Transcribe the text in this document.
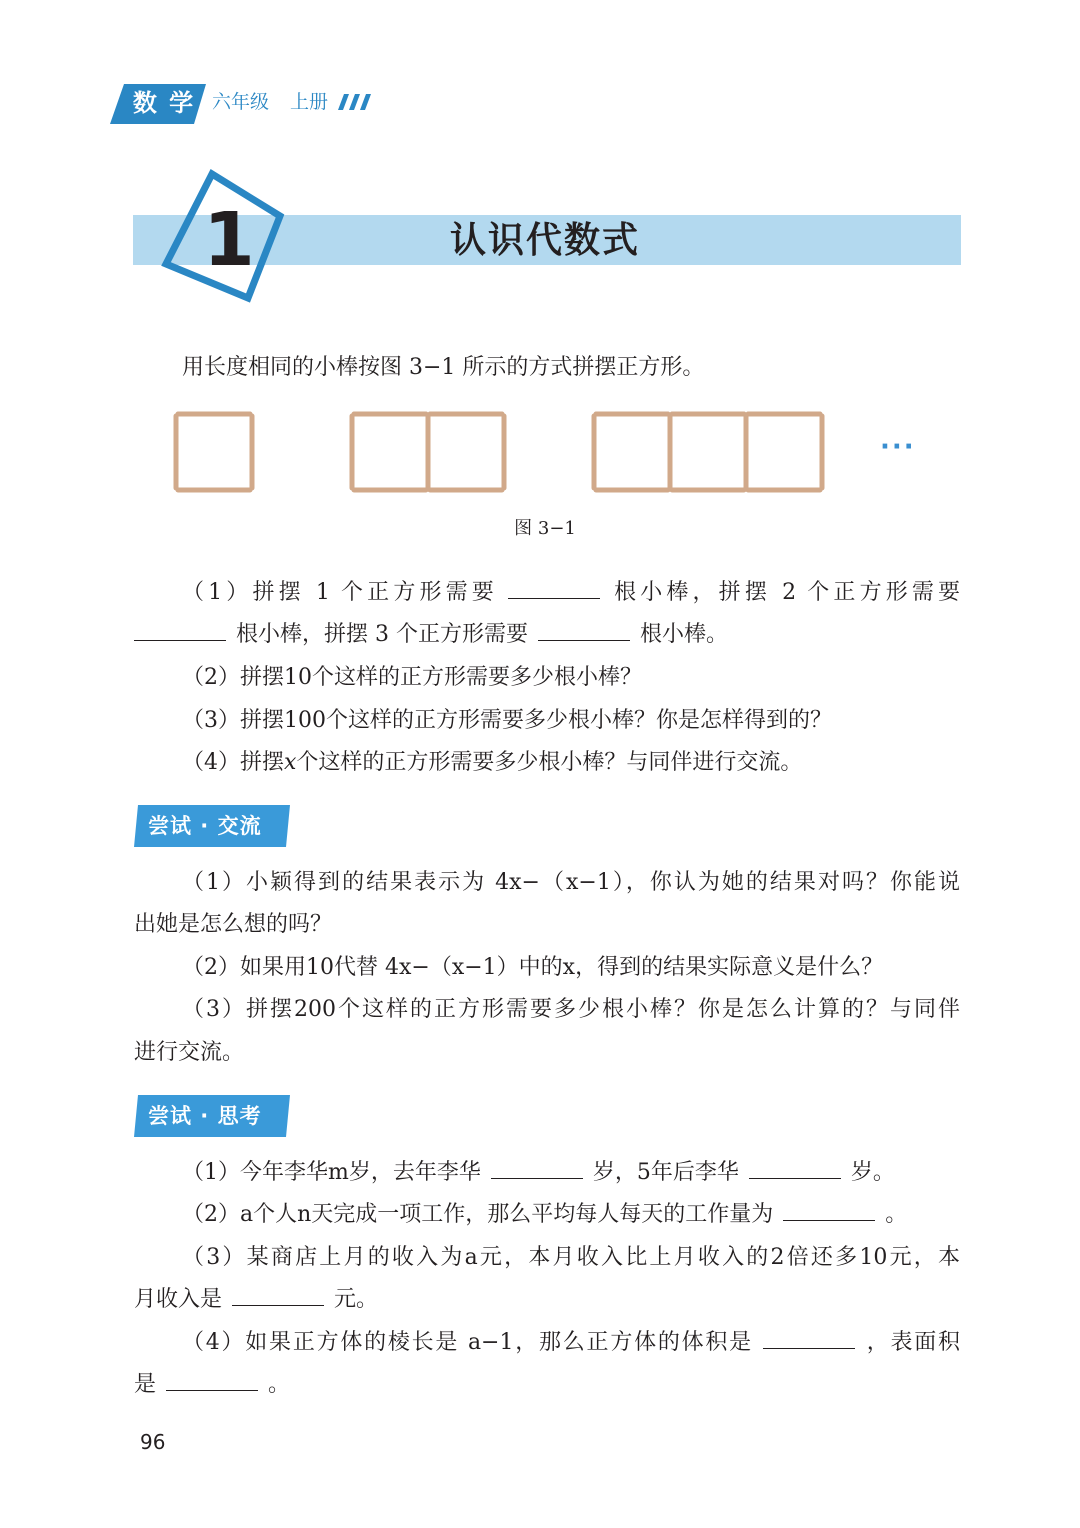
数 学 六年级 上册
1	认识代数式
用长度相同的小棒按图 3−1 所示的方式拼摆正方形。
···
图 3−1
（1）拼摆 1 个正方形需要	根小棒，拼摆 2 个正方形需要
根小棒，拼摆 3 个正方形需要	根小棒。
（2）拼摆10个这样的正方形需要多少根小棒？
（3）拼摆100个这样的正方形需要多少根小棒？你是怎样得到的？
（4）拼摆x个这样的正方形需要多少根小棒？与同伴进行交流。
尝试 · 交流
（1）小颖得到的结果表示为 4x−（x−1），你认为她的结果对吗？你能说
出她是怎么想的吗？
（2）如果用10代替 4x−（x−1）中的x，得到的结果实际意义是什么？
（3）拼摆200个这样的正方形需要多少根小棒？你是怎么计算的？与同伴
进行交流。
尝试 · 思考
（1）今年李华m岁，去年李华	岁，5年后李华	岁。
（2）a个人n天完成一项工作，那么平均每人每天的工作量为	。
（3）某商店上月的收入为a元，本月收入比上月收入的2倍还多10元，本
月收入是	元。
（4）如果正方体的棱长是 a−1，那么正方体的体积是	，表面积
是	。
96
